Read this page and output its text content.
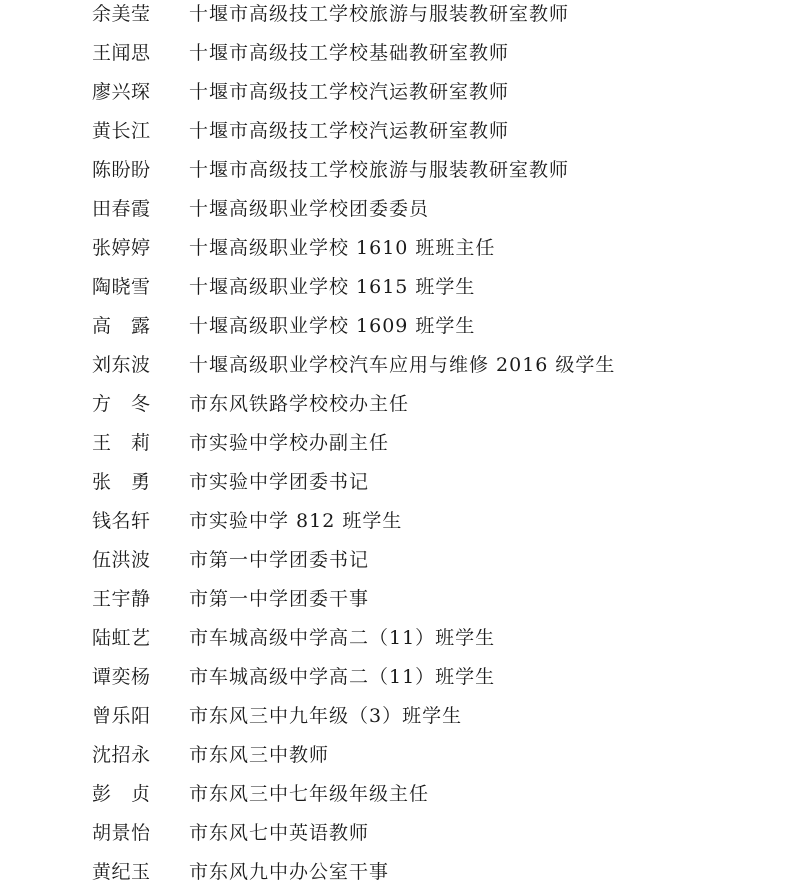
余美莹	十堰市高级技工学校旅游与服装教研室教师
王闻思	十堰市高级技工学校基础教研室教师
廖兴琛	十堰市高级技工学校汽运教研室教师
黄长江	十堰市高级技工学校汽运教研室教师
陈盼盼	十堰市高级技工学校旅游与服装教研室教师
田春霞	十堰高级职业学校团委委员
张婷婷	十堰高级职业学校 1610 班班主任
陶晓雪	十堰高级职业学校 1615 班学生
高　露	十堰高级职业学校 1609 班学生
刘东波	十堰高级职业学校汽车应用与维修 2016 级学生
方　冬	市东风铁路学校校办主任
王　莉	市实验中学校办副主任
张　勇	市实验中学团委书记
钱名轩	市实验中学 812 班学生
伍洪波	市第一中学团委书记
王宇静	市第一中学团委干事
陆虹艺	市车城高级中学高二（11）班学生
谭奕杨	市车城高级中学高二（11）班学生
曾乐阳	市东风三中九年级（3）班学生
沈招永	市东风三中教师
彭　贞	市东风三中七年级年级主任
胡景怡	市东风七中英语教师
黄纪玉	市东风九中办公室干事
